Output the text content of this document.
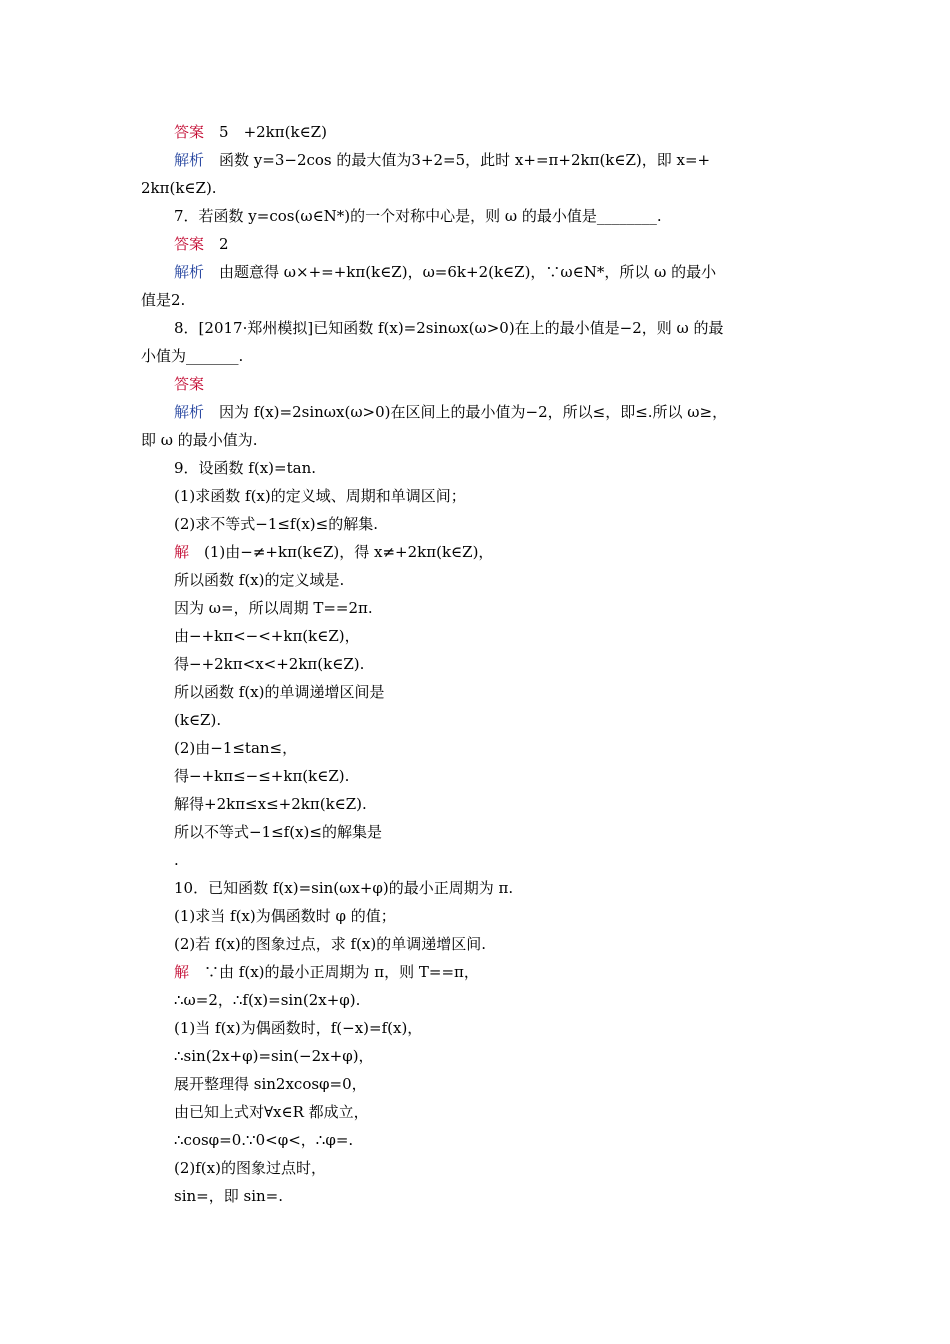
答案　 5　+2kπ(k∈Z)
解析　 函数 y=3−2cos 的最大值为3+2=5，此时 x+=π+2kπ(k∈Z)，即 x=+
2kπ(k∈Z).
7．若函数 y=cos(ω∈N*)的一个对称中心是，则 ω 的最小值是________.
答案　 2
解析　 由题意得 ω×+=+kπ(k∈Z)，ω=6k+2(k∈Z)，∵ω∈N*，所以 ω 的最小
值是2.
8．[2017·郑州模拟]已知函数 f(x)=2sinωx(ω>0)在上的最小值是−2，则 ω 的最
小值为_______.
答案
解析　 因为 f(x)=2sinωx(ω>0)在区间上的最小值为−2，所以≤，即≤.所以 ω≥，
即 ω 的最小值为.
9．设函数 f(x)=tan.
(1)求函数 f(x)的定义域、周期和单调区间；
(2)求不等式−1≤f(x)≤的解集.
解　 (1)由−≠+kπ(k∈Z)，得 x≠+2kπ(k∈Z)，
所以函数 f(x)的定义域是.
因为 ω=，所以周期 T==2π.
由−+kπ<−<+kπ(k∈Z)，
得−+2kπ<x<+2kπ(k∈Z).
所以函数 f(x)的单调递增区间是
(k∈Z).
(2)由−1≤tan≤，
得−+kπ≤−≤+kπ(k∈Z).
解得+2kπ≤x≤+2kπ(k∈Z).
所以不等式−1≤f(x)≤的解集是
.
10．已知函数 f(x)=sin(ωx+φ)的最小正周期为 π.
(1)求当 f(x)为偶函数时 φ 的值；
(2)若 f(x)的图象过点，求 f(x)的单调递增区间.
解　 ∵由 f(x)的最小正周期为 π，则 T==π，
∴ω=2，∴f(x)=sin(2x+φ).
(1)当 f(x)为偶函数时，f(−x)=f(x)，
∴sin(2x+φ)=sin(−2x+φ)，
展开整理得 sin2xcosφ=0，
由已知上式对∀x∈R 都成立，
∴cosφ=0.∵0<φ<，∴φ=.
(2)f(x)的图象过点时，
sin=，即 sin=.
